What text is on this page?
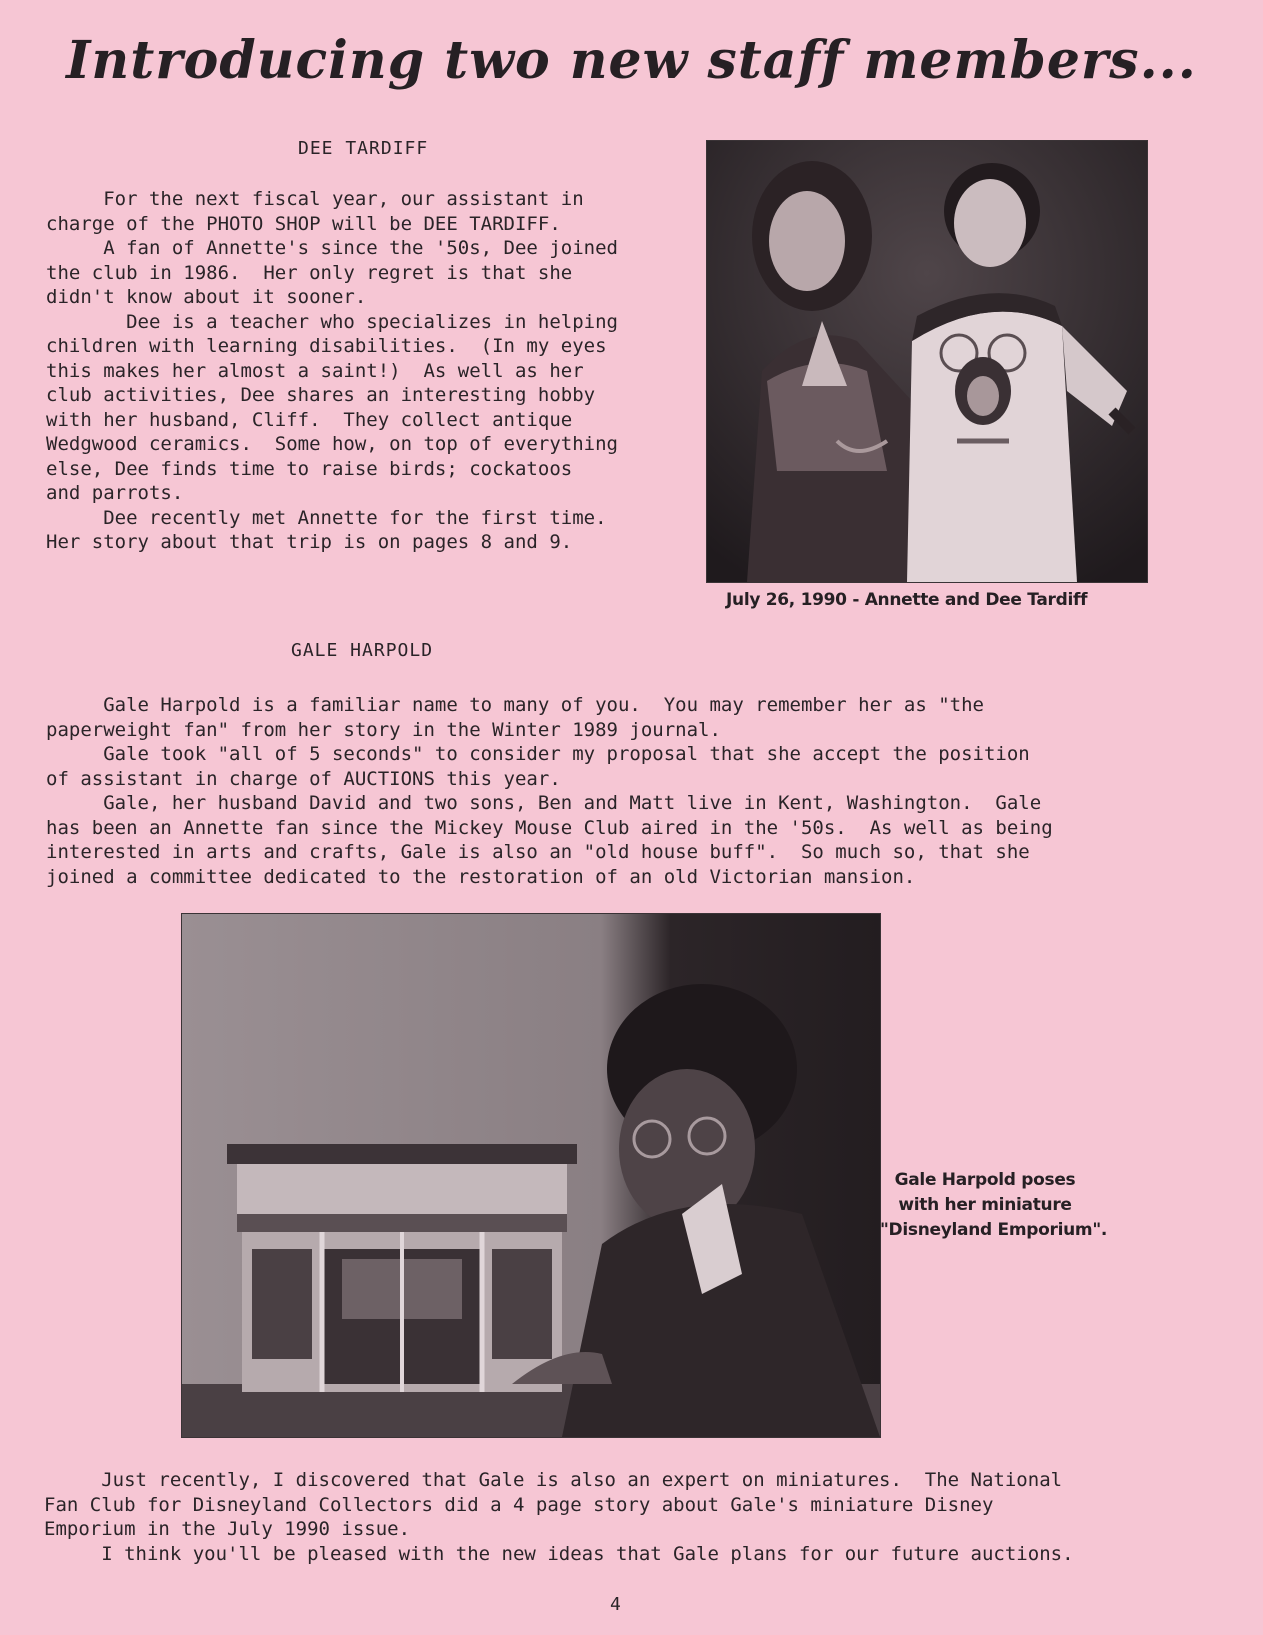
Introducing two new staff members...
DEE TARDIFF
For the next fiscal year, our assistant in
charge of the PHOTO SHOP will be DEE TARDIFF.
A fan of Annette's since the '50s, Dee joined
the club in 1986.  Her only regret is that she
didn't know about it sooner.
Dee is a teacher who specializes in helping
children with learning disabilities.  (In my eyes
this makes her almost a saint!)  As well as her
club activities, Dee shares an interesting hobby
with her husband, Cliff.  They collect antique
Wedgwood ceramics.  Some how, on top of everything
else, Dee finds time to raise birds; cockatoos
and parrots.
Dee recently met Annette for the first time.
Her story about that trip is on pages 8 and 9.
July 26, 1990 - Annette and Dee Tardiff
GALE HARPOLD
Gale Harpold is a familiar name to many of you.  You may remember her as "the
paperweight fan" from her story in the Winter 1989 journal.
Gale took "all of 5 seconds" to consider my proposal that she accept the position
of assistant in charge of AUCTIONS this year.
Gale, her husband David and two sons, Ben and Matt live in Kent, Washington.  Gale
has been an Annette fan since the Mickey Mouse Club aired in the '50s.  As well as being
interested in arts and crafts, Gale is also an "old house buff".  So much so, that she
joined a committee dedicated to the restoration of an old Victorian mansion.
Gale Harpold poses
with her miniature
"Disneyland Emporium".
Just recently, I discovered that Gale is also an expert on miniatures.  The National
Fan Club for Disneyland Collectors did a 4 page story about Gale's miniature Disney
Emporium in the July 1990 issue.
I think you'll be pleased with the new ideas that Gale plans for our future auctions.
4
